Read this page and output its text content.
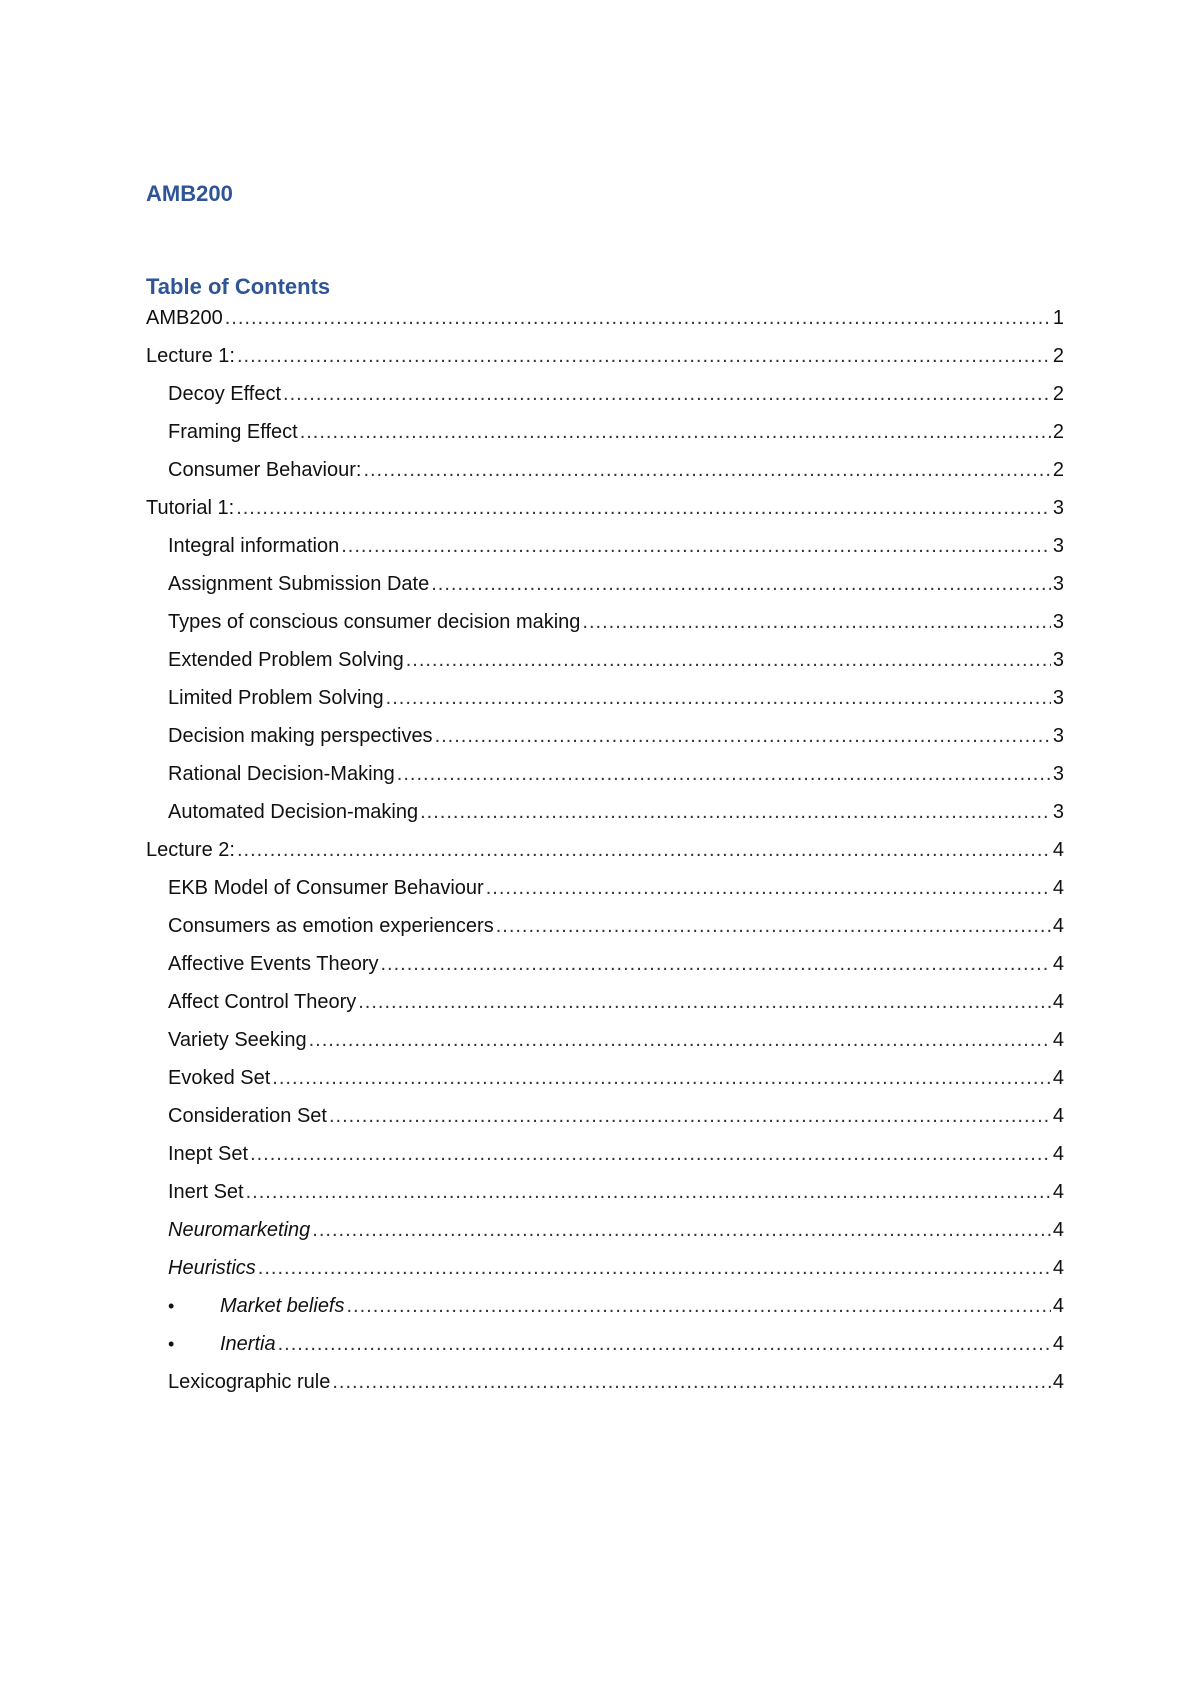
AMB200
Table of Contents
AMB200 .....	1
Lecture 1: .....	2
Decoy Effect .....	2
Framing Effect .....	2
Consumer Behaviour: .....	2
Tutorial 1: .....	3
Integral information .....	3
Assignment Submission Date .....	3
Types of conscious consumer decision making .....	3
Extended Problem Solving .....	3
Limited Problem Solving .....	3
Decision making perspectives .....	3
Rational Decision-Making .....	3
Automated Decision-making .....	3
Lecture 2: .....	4
EKB Model of Consumer Behaviour .....	4
Consumers as emotion experiencers .....	4
Affective Events Theory .....	4
Affect Control Theory .....	4
Variety Seeking .....	4
Evoked Set .....	4
Consideration Set .....	4
Inept Set .....	4
Inert Set .....	4
Neuromarketing .....	4
Heuristics .....	4
•	Market beliefs .....	4
•	Inertia .....	4
Lexicographic rule .....	4
